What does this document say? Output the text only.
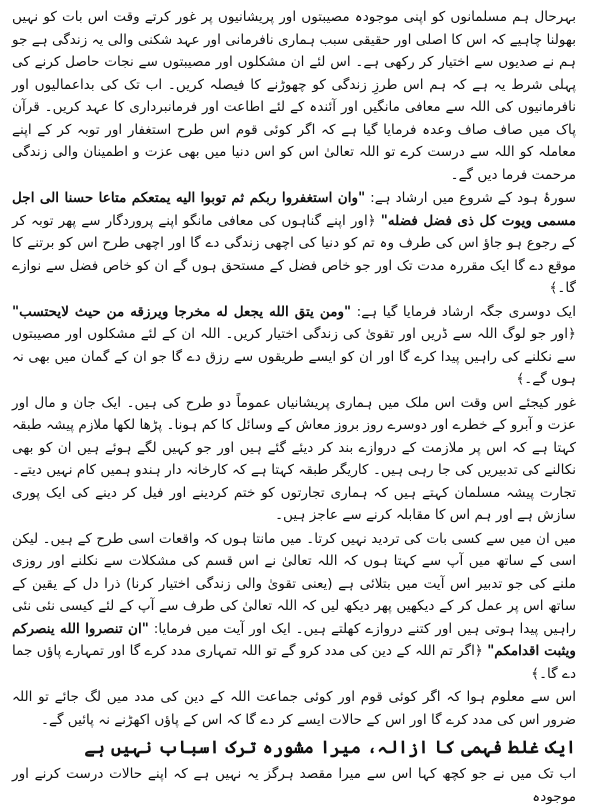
بہرحال ہم مسلمانوں کو اپنی موجودہ مصیبتوں اور پریشانیوں پر غور کرتے وقت اس بات کو نہیں بھولنا چاہیے کہ اس کا اصلی اور حقیقی سبب ہماری نافرمانی اور عہد شکنی والی یہ زندگی ہے جو ہم نے صدیوں سے اختیار کر رکھی ہے۔ اس لئے ان مشکلوں اور مصیبتوں سے نجات حاصل کرنے کی پہلی شرط یہ ہے کہ ہم اس طرزِ زندگی کو چھوڑنے کا فیصلہ کریں۔ اب تک کی بداعمالیوں اور نافرمانیوں کی اللہ سے معافی مانگیں اور آئندہ کے لئے اطاعت اور فرمانبرداری کا عہد کریں۔ قرآن پاک میں صاف صاف وعدہ فرمایا گیا ہے کہ اگر کوئی قوم اس طرح استغفار اور توبہ کر کے اپنے معاملہ کو اللہ سے درست کرے تو اللہ تعالیٰ اس کو اس دنیا میں بھی عزت و اطمینان والی زندگی مرحمت فرما دیں گے۔

سورۂ ہود کے شروع میں ارشاد ہے: "وان استغفروا ربكم ثم توبوا اليه يمتعكم متاعا حسنا الى اجل مسمى ويوت كل ذى فضل فضله" ﴿اور اپنے گناہوں کی معافی مانگو اپنے پروردگار سے پھر توبہ کر کے رجوع ہو جاؤ اس کی طرف وہ تم کو دنیا کی اچھی زندگی دے گا اور اچھی طرح اس کو برتنے کا موقع دے گا ایک مقررہ مدت تک اور جو خاص فضل کے مستحق ہوں گے ان کو خاص فضل سے نوازے گا۔﴾

ایک دوسری جگہ ارشاد فرمایا گیا ہے: "ومن يتق الله يجعل له مخرجا ويرزقه من حيث لايحتسب" ﴿اور جو لوگ اللہ سے ڈریں اور تقویٰ کی زندگی اختیار کریں۔ اللہ ان کے لئے مشکلوں اور مصیبتوں سے نکلنے کی راہیں پیدا کرے گا اور ان کو ایسے طریقوں سے رزق دے گا جو ان کے گمان میں بھی نہ ہوں گے۔﴾

غور کیجئے اس وقت اس ملک میں ہماری پریشانیاں عموماً دو طرح کی ہیں۔ ایک جان و مال اور عزت و آبرو کے خطرے اور دوسرے روز بروز معاش کے وسائل کا کم ہونا۔ پڑھا لکھا ملازم پیشہ طبقہ کہتا ہے کہ اس پر ملازمت کے دروازے بند کر دیئے گئے ہیں اور جو کہیں لگے ہوئے ہیں ان کو بھی نکالنے کی تدبیریں کی جا رہی ہیں۔ کاریگر طبقہ کہتا ہے کہ کارخانہ دار ہندو ہمیں کام نہیں دیتے۔ تجارت پیشہ مسلمان کہتے ہیں کہ ہماری تجارتوں کو ختم کردینے اور فیل کر دینے کی ایک پوری سازش ہے اور ہم اس کا مقابلہ کرنے سے عاجز ہیں۔

میں ان میں سے کسی بات کی تردید نہیں کرتا۔ میں مانتا ہوں کہ واقعات اسی طرح کے ہیں۔ لیکن اسی کے ساتھ میں آپ سے کہتا ہوں کہ اللہ تعالیٰ نے اس قسم کی مشکلات سے نکلنے اور روزی ملنے کی جو تدبیر اس آیت میں بتلائی ہے (یعنی تقویٰ والی زندگی اختیار کرنا) ذرا دل کے یقین کے ساتھ اس پر عمل کر کے دیکھیں پھر دیکھ لیں کہ اللہ تعالیٰ کی طرف سے آپ کے لئے کیسی نئی نئی راہیں پیدا ہوتی ہیں اور کتنے دروازے کھلتے ہیں۔ ایک اور آیت میں فرمایا: "ان تنصروا الله ينصركم ويثبت اقدامكم" ﴿اگر تم اللہ کے دین کی مدد کرو گے تو اللہ تمہاری مدد کرے گا اور تمہارے پاؤں جما دے گا۔﴾

اس سے معلوم ہوا کہ اگر کوئی قوم اور کوئی جماعت اللہ کے دین کی مدد میں لگ جائے تو اللہ ضرور اس کی مدد کرے گا اور اس کے حالات ایسے کر دے گا کہ اس کے پاؤں اکھڑنے نہ پائیں گے۔

ایک غلط فہمی کا ازالہ، میرا مشورہ ترک اسباب نہیں ہے

اب تک میں نے جو کچھ کہا اس سے میرا مقصد ہرگز یہ نہیں ہے کہ اپنے حالات درست کرنے اور موجودہ
